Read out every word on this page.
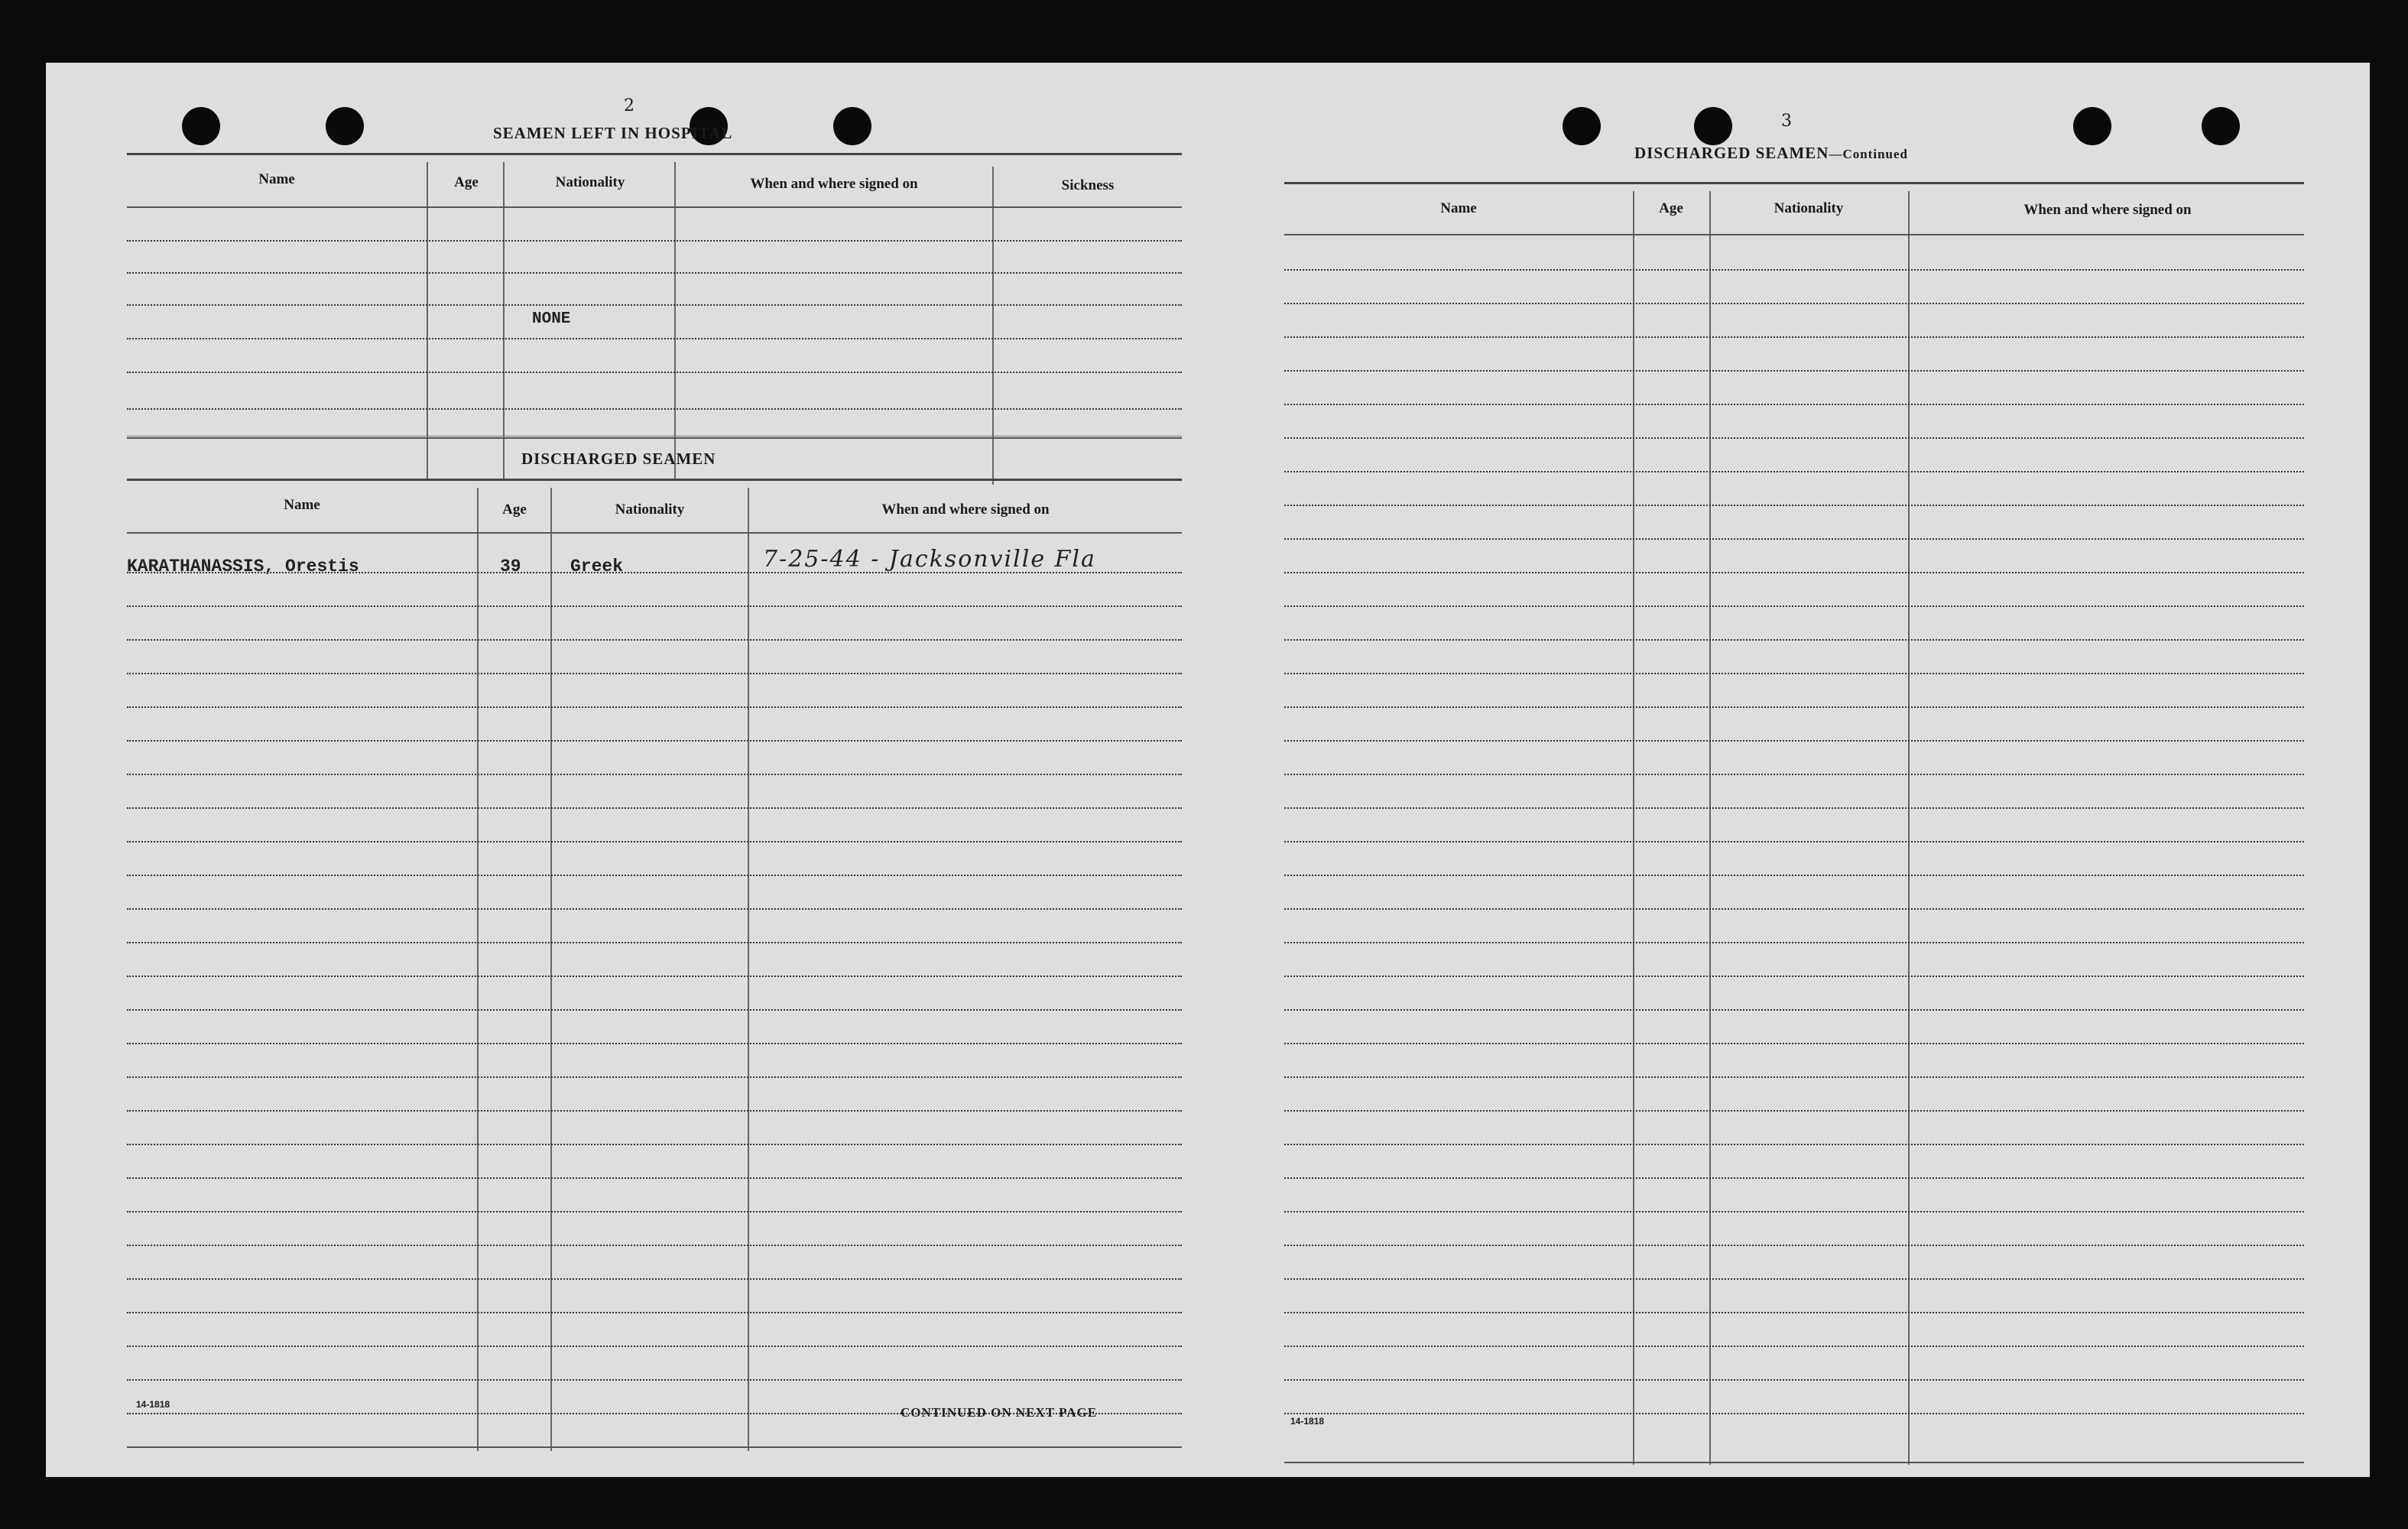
2
SEAMEN LEFT IN HOSPITAL
Name	Age	Nationality	When and where signed on	Sickness
NONE
DISCHARGED SEAMEN
Name	Age	Nationality	When and where signed on
KARATHANASSIS, Orestis	39	Greek	7-25-44 - Jacksonville Fla
14-1818
CONTINUED ON NEXT PAGE
3
DISCHARGED SEAMEN—Continued
Name	Age	Nationality	When and where signed on
14-1818
